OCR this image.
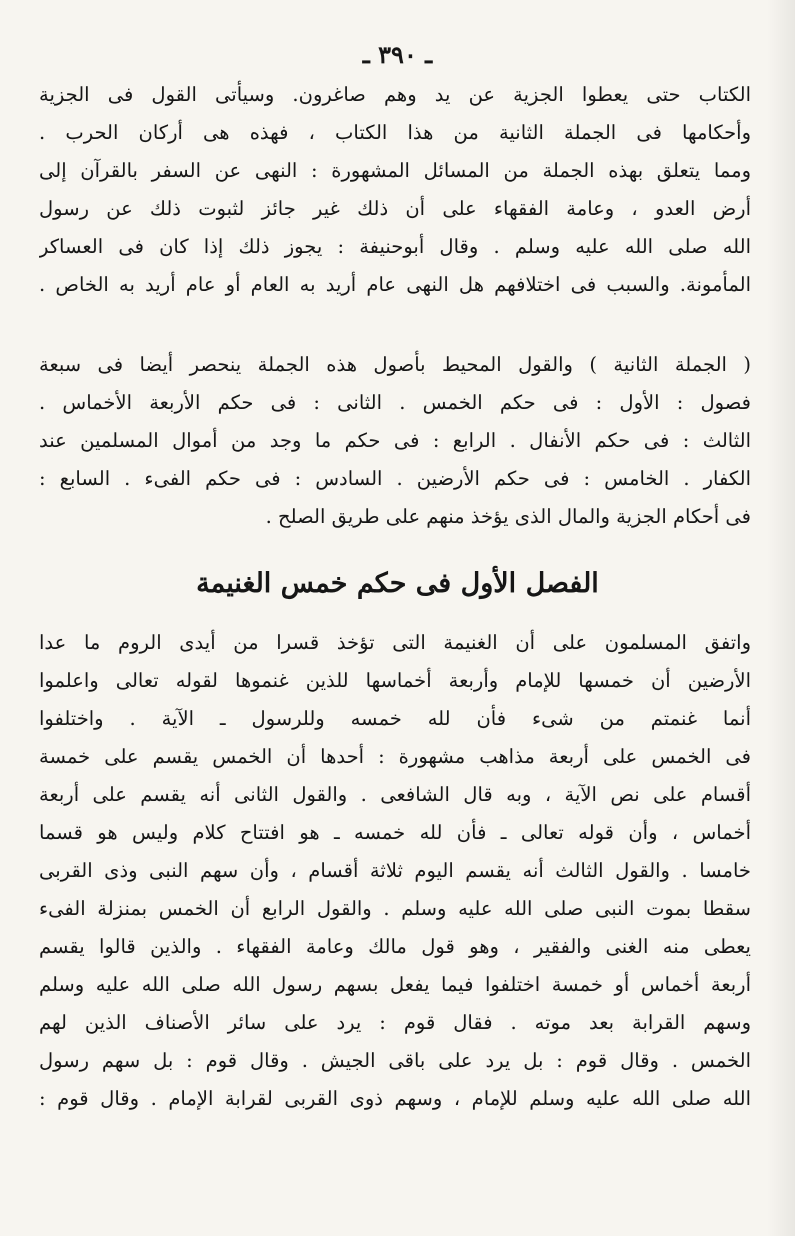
ـ ٣٩٠ ـ
الكتاب حتى يعطوا الجزية عن يد وهم صاغرون. وسيأتى القول فى الجزية
وأحكامها فى الجملة الثانية من هذا الكتاب ، فهذه هى أركان الحرب .
ومما يتعلق بهذه الجملة من المسائل المشهورة : النهى عن السفر بالقرآن إلى
أرض العدو ، وعامة الفقهاء على أن ذلك غير جائز لثبوت ذلك عن رسول
الله صلى الله عليه وسلم . وقال أبوحنيفة : يجوز ذلك إذا كان فى العساكر
المأمونة. والسبب فى اختلافهم هل النهى عام أريد به العام أو عام أريد به الخاص .
( الجملة الثانية ) والقول المحيط بأصول هذه الجملة ينحصر أيضا فى سبعة
فصول : الأول : فى حكم الخمس . الثانى : فى حكم الأربعة الأخماس .
الثالث : فى حكم الأنفال . الرابع : فى حكم ما وجد من أموال المسلمين عند
الكفار . الخامس : فى حكم الأرضين . السادس : فى حكم الفىء . السابع :
فى أحكام الجزية والمال الذى يؤخذ منهم على طريق الصلح .
الفصل الأول فى حكم خمس الغنيمة
واتفق المسلمون على أن الغنيمة التى تؤخذ قسرا من أيدى الروم ما عدا
الأرضين أن خمسها للإمام وأربعة أخماسها للذين غنموها لقوله تعالى واعلموا
أنما غنمتم من شىء فأن لله خمسه وللرسول ـ الآية . واختلفوا
فى الخمس على أربعة مذاهب مشهورة : أحدها أن الخمس يقسم على خمسة
أقسام على نص الآية ، وبه قال الشافعى . والقول الثانى أنه يقسم على أربعة
أخماس ، وأن قوله تعالى ـ فأن لله خمسه ـ هو افتتاح كلام وليس هو قسما
خامسا . والقول الثالث أنه يقسم اليوم ثلاثة أقسام ، وأن سهم النبى وذى القربى
سقطا بموت النبى صلى الله عليه وسلم . والقول الرابع أن الخمس بمنزلة الفىء
يعطى منه الغنى والفقير ، وهو قول مالك وعامة الفقهاء . والذين قالوا يقسم
أربعة أخماس أو خمسة اختلفوا فيما يفعل بسهم رسول الله صلى الله عليه وسلم
وسهم القرابة بعد موته . فقال قوم : يرد على سائر الأصناف الذين لهم
الخمس . وقال قوم : بل يرد على باقى الجيش . وقال قوم : بل سهم رسول
الله صلى الله عليه وسلم للإمام ، وسهم ذوى القربى لقرابة الإمام . وقال قوم :
